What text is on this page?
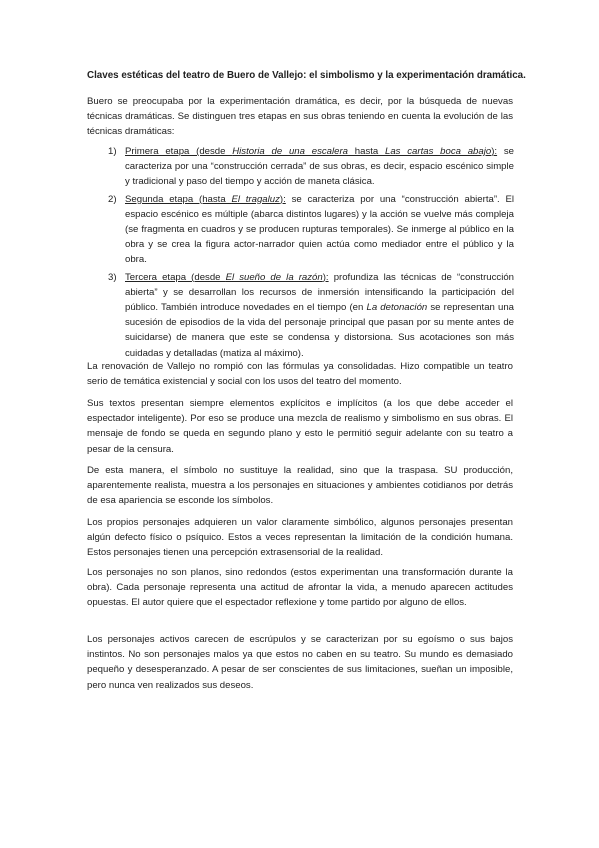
Claves estéticas del teatro de Buero de Vallejo: el simbolismo y la experimentación dramática.
Buero se preocupaba por la experimentación dramática, es decir, por la búsqueda de nuevas técnicas dramáticas. Se distinguen tres etapas en sus obras teniendo en cuenta la evolución de las técnicas dramáticas:
1) Primera etapa (desde Historia de una escalera hasta Las cartas boca abajo): se caracteriza por una “construcción cerrada” de sus obras, es decir, espacio escénico simple y tradicional y paso del tiempo y acción de maneta clásica.
2) Segunda etapa (hasta El tragaluz): se caracteriza por una “construcción abierta”. El espacio escénico es múltiple (abarca distintos lugares) y la acción se vuelve más compleja (se fragmenta en cuadros y se producen rupturas temporales). Se inmerge al público en la obra y se crea la figura actor-narrador quien actúa como mediador entre el público y la obra.
3) Tercera etapa (desde El sueño de la razón): profundiza las técnicas de “construcción abierta” y se desarrollan los recursos de inmersión intensificando la participación del público. También introduce novedades en el tiempo (en La detonación se representan una sucesión de episodios de la vida del personaje principal que pasan por su mente antes de suicidarse) de manera que este se condensa y distorsiona. Sus acotaciones son más cuidadas y detalladas (matiza al máximo).
La renovación de Vallejo no rompió con las fórmulas ya consolidadas. Hizo compatible un teatro serio de temática existencial y social con los usos del teatro del momento.
Sus textos presentan siempre elementos explícitos e implícitos (a los que debe acceder el espectador inteligente). Por eso se produce una mezcla de realismo y simbolismo en sus obras. El mensaje de fondo se queda en segundo plano y esto le permitió seguir adelante con su teatro a pesar de la censura.
De esta manera, el símbolo no sustituye la realidad, sino que la traspasa. SU producción, aparentemente realista, muestra a los personajes en situaciones y ambientes cotidianos por detrás de esa apariencia se esconde los símbolos.
Los propios personajes adquieren un valor claramente simbólico, algunos personajes presentan algún defecto físico o psíquico. Estos a veces representan la limitación de la condición humana. Estos personajes tienen una percepción extrasensorial de la realidad.
Los personajes no son planos, sino redondos (estos experimentan una transformación durante la obra). Cada personaje representa una actitud de afrontar la vida, a menudo aparecen actitudes opuestas. El autor quiere que el espectador reflexione y tome partido por alguno de ellos.
Los personajes activos carecen de escrúpulos y se caracterizan por su egoísmo o sus bajos instintos. No son personajes malos ya que estos no caben en su teatro. Su mundo es demasiado pequeño y desesperanzado. A pesar de ser conscientes de sus limitaciones, sueñan un imposible, pero nunca ven realizados sus deseos.
